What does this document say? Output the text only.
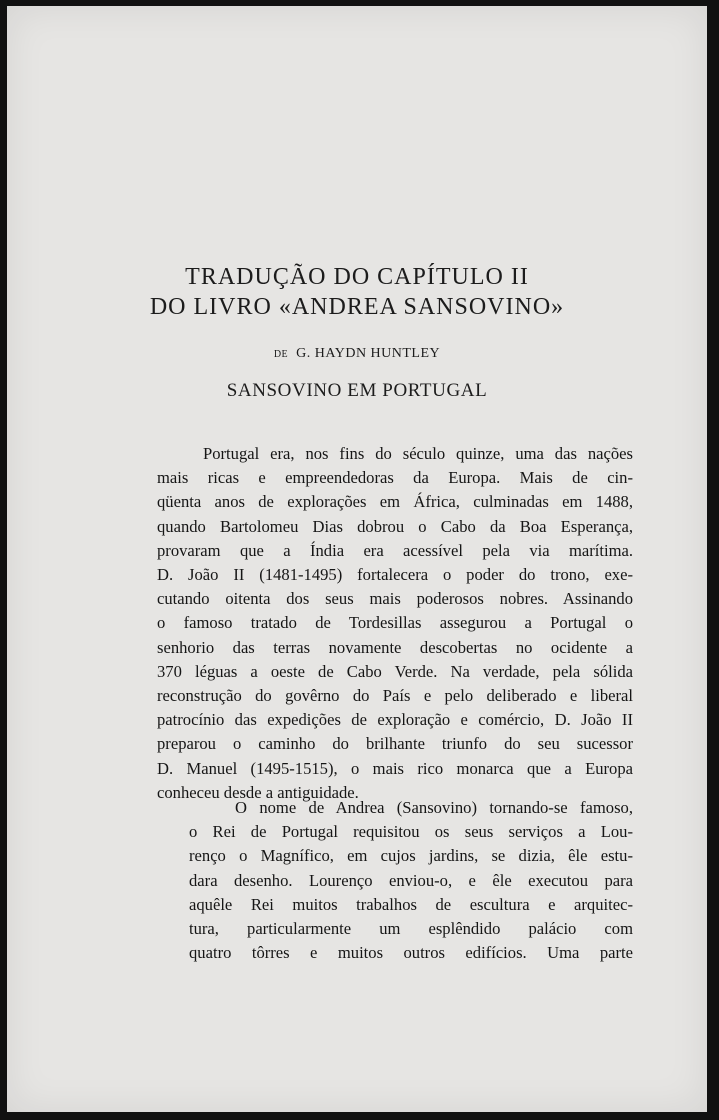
TRADUÇÃO DO CAPÍTULO II
DO LIVRO «ANDREA SANSOVINO»
DE G. HAYDN HUNTLEY
SANSOVINO EM PORTUGAL
Portugal era, nos fins do século quinze, uma das nações
mais ricas e empreendedoras da Europa. Mais de cin-
qüenta anos de explorações em África, culminadas em 1488,
quando Bartolomeu Dias dobrou o Cabo da Boa Esperança,
provaram que a Índia era acessível pela via marítima.
D. João II (1481-1495) fortalecera o poder do trono, exe-
cutando oitenta dos seus mais poderosos nobres. Assinando
o famoso tratado de Tordesillas assegurou a Portugal o
senhorio das terras novamente descobertas no ocidente a
370 léguas a oeste de Cabo Verde. Na verdade, pela sólida
reconstrução do govêrno do País e pelo deliberado e liberal
patrocínio das expedições de exploração e comércio, D. João II
preparou o caminho do brilhante triunfo do seu sucessor
D. Manuel (1495-1515), o mais rico monarca que a Europa
conheceu desde a antiguidade.
O nome de Andrea (Sansovino) tornando-se famoso,
o Rei de Portugal requisitou os seus serviços a Lou-
renço o Magnífico, em cujos jardins, se dizia, êle estu-
dara desenho. Lourenço enviou-o, e êle executou para
aquêle Rei muitos trabalhos de escultura e arquitec-
tura, particularmente um esplêndido palácio com
quatro tôrres e muitos outros edifícios. Uma parte
